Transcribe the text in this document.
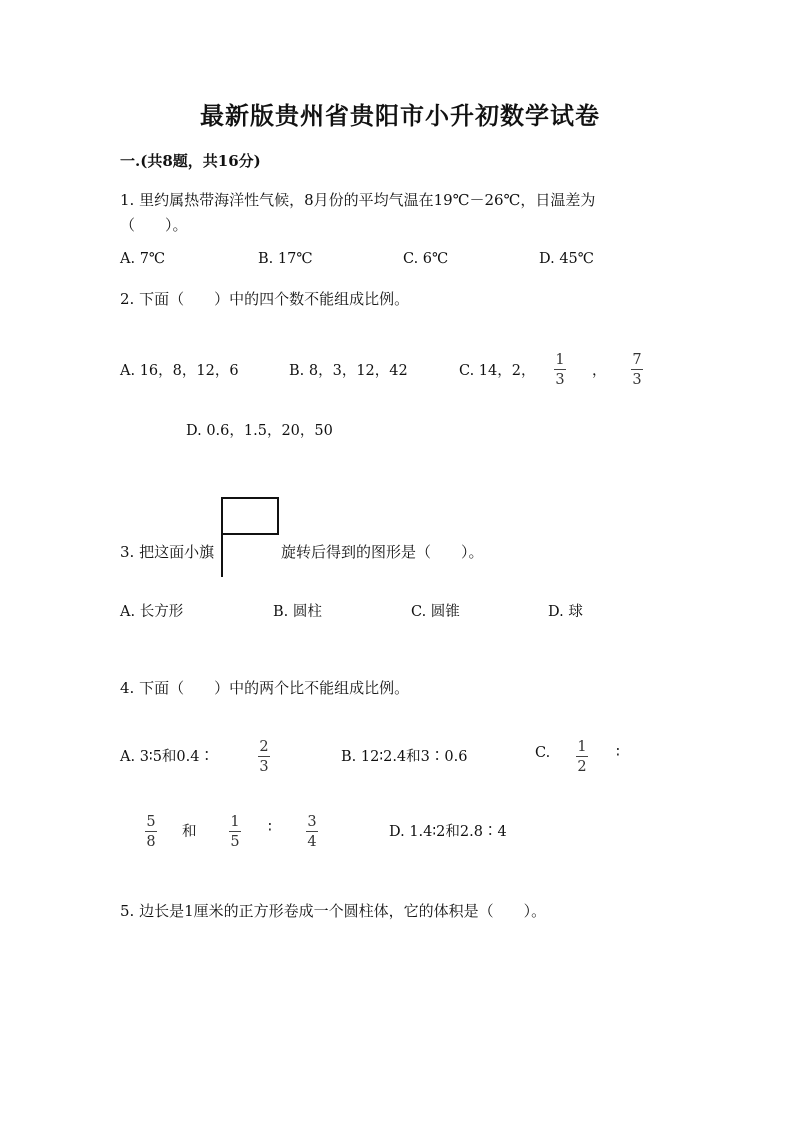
最新版贵州省贵阳市小升初数学试卷
一.(共8题，共16分)
1. 里约属热带海洋性气候，8月份的平均气温在19℃－26℃，日温差为
（　　）。
A. 7℃	B. 17℃	C. 6℃	D. 45℃
2. 下面（　　）中的四个数不能组成比例。
A. 16，8，12，6	B. 8，3，12，42	C. 14，2，
1
3
，
7
3
D. 0.6，1.5，20，50
3. 把这面小旗	旋转后得到的图形是（　　）。
A. 长方形	B. 圆柱	C. 圆锥	D. 球
4. 下面（　　）中的两个比不能组成比例。
A. 3∶5和0.4∶
2
3
B. 12∶2.4和3∶0.6	C. 1
2
∶
5
8
和
1
5
∶ 3
4
D. 1.4∶2和2.8∶4
5. 边长是1厘米的正方形卷成一个圆柱体，它的体积是（　　）。
